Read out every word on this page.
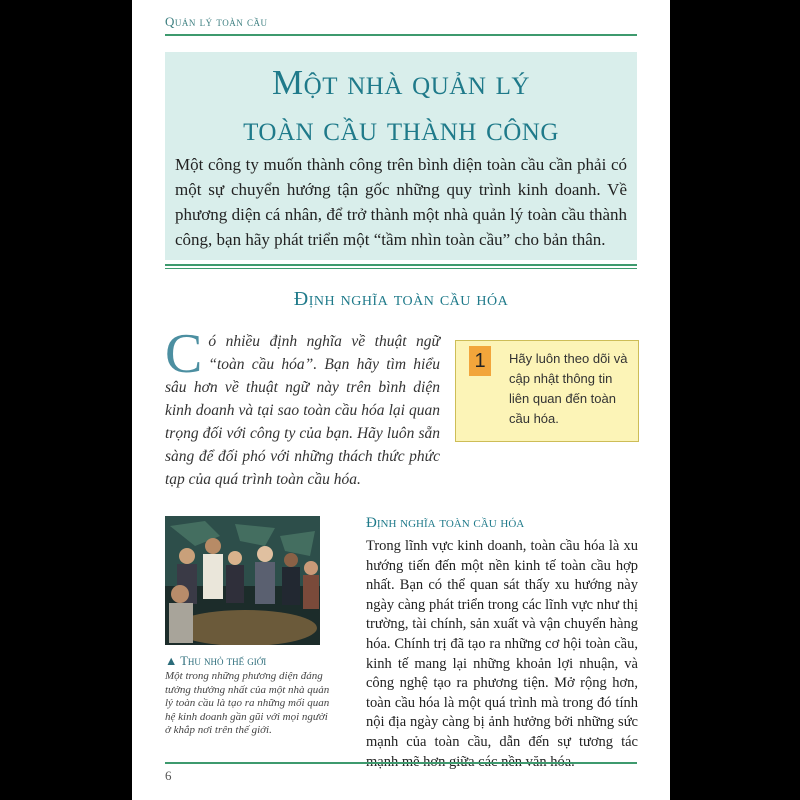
Quản lý toàn cầu
Một nhà quản lý
toàn cầu thành công
Một công ty muốn thành công trên bình diện toàn cầu cần phải có một sự chuyển hướng tận gốc những quy trình kinh doanh. Về phương diện cá nhân, để trở thành một nhà quản lý toàn cầu thành công, bạn hãy phát triển một “tầm nhìn toàn cầu” cho bản thân.
Định nghĩa toàn cầu hóa
Có nhiều định nghĩa về thuật ngữ “toàn cầu hóa”. Bạn hãy tìm hiểu sâu hơn về thuật ngữ này trên bình diện kinh doanh và tại sao toàn cầu hóa lại quan trọng đối với công ty của bạn. Hãy luôn sẵn sàng để đối phó với những thách thức phức tạp của quá trình toàn cầu hóa.
1	Hãy luôn theo dõi và cập nhật thông tin liên quan đến toàn cầu hóa.
▲ Thu nhỏ thế giới
Một trong những phương diện đáng tưởng thưởng nhất của một nhà quản lý toàn cầu là tạo ra những mối quan hệ kinh doanh gần gũi với mọi người ở khắp nơi trên thế giới.
Định nghĩa toàn cầu hóa
Trong lĩnh vực kinh doanh, toàn cầu hóa là xu hướng tiến đến một nền kinh tế toàn cầu hợp nhất. Bạn có thể quan sát thấy xu hướng này ngày càng phát triển trong các lĩnh vực như thị trường, tài chính, sản xuất và vận chuyển hàng hóa. Chính trị đã tạo ra những cơ hội toàn cầu, kinh tế mang lại những khoản lợi nhuận, và công nghệ tạo ra phương tiện. Mở rộng hơn, toàn cầu hóa là một quá trình mà trong đó tính nội địa ngày càng bị ảnh hưởng bởi những sức mạnh của toàn cầu, dẫn đến sự tương tác
6
